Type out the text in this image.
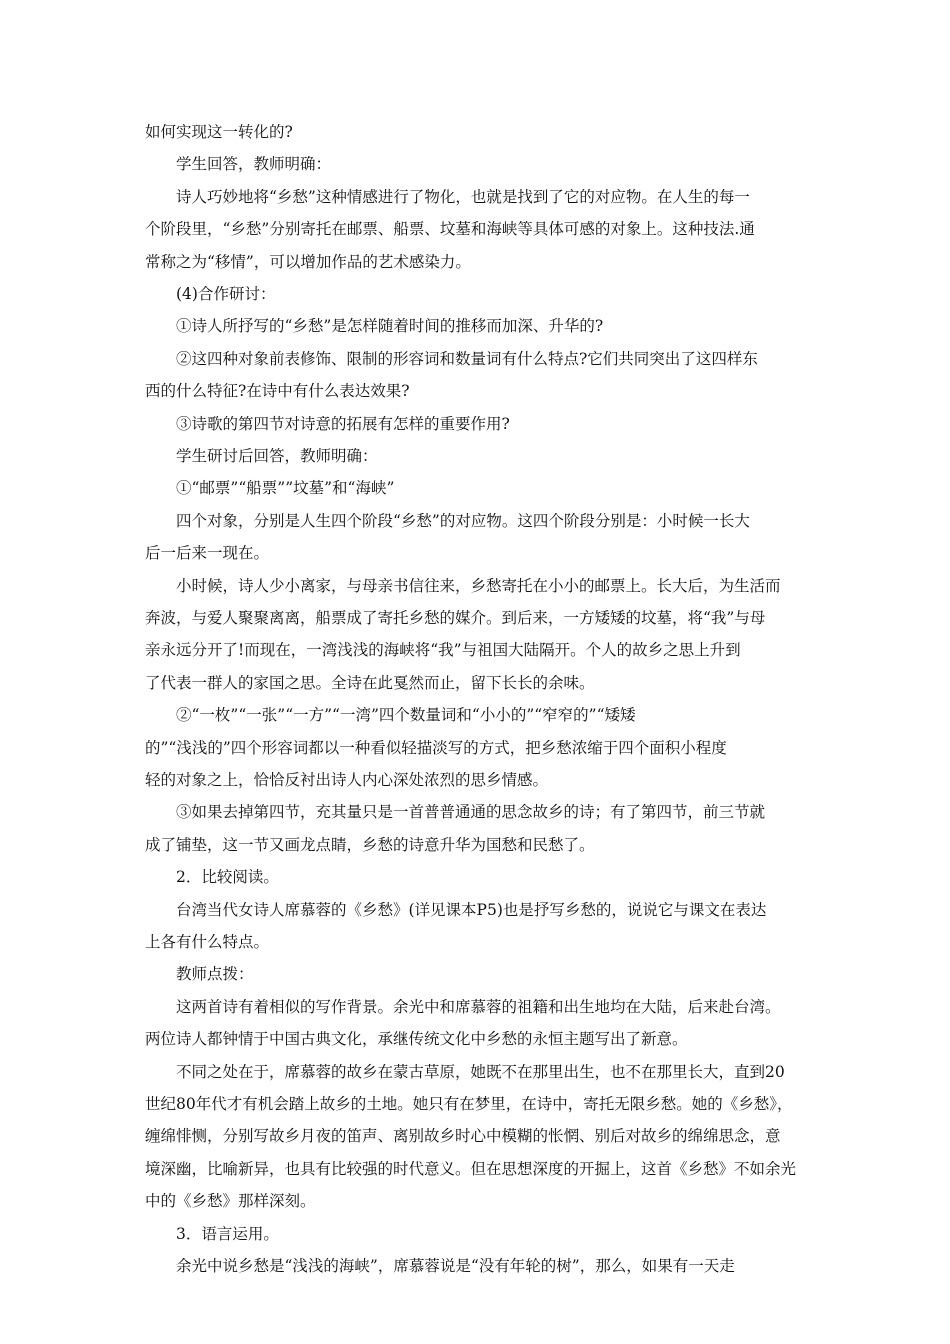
如何实现这一转化的?
学生回答，教师明确：
诗人巧妙地将“乡愁”这种情感进行了物化，也就是找到了它的对应物。在人生的每一
个阶段里，“乡愁”分别寄托在邮票、船票、坟墓和海峡等具体可感的对象上。这种技法.通
常称之为“移情”，可以增加作品的艺术感染力。
(4)合作研讨：
①诗人所抒写的“乡愁”是怎样随着时间的推移而加深、升华的?
②这四种对象前表修饰、限制的形容词和数量词有什么特点?它们共同突出了这四样东
西的什么特征?在诗中有什么表达效果?
③诗歌的第四节对诗意的拓展有怎样的重要作用?
学生研讨后回答，教师明确：
①“邮票”“船票””坟墓”和“海峡”
四个对象，分别是人生四个阶段“乡愁”的对应物。这四个阶段分别是：小时候一长大
后一后来一现在。
小时候，诗人少小离家，与母亲书信往来，乡愁寄托在小小的邮票上。长大后，为生活而
奔波，与爱人聚聚离离，船票成了寄托乡愁的媒介。到后来，一方矮矮的坟墓，将“我”与母
亲永远分开了!而现在，一湾浅浅的海峡将“我”与祖国大陆隔开。个人的故乡之思上升到
了代表一群人的家国之思。全诗在此戛然而止，留下长长的余味。
②“一枚”“一张”“一方”“一湾”四个数量词和“小小的”“窄窄的”“矮矮
的”“浅浅的”四个形容词都以一种看似轻描淡写的方式，把乡愁浓缩于四个面积小程度
轻的对象之上，恰恰反衬出诗人内心深处浓烈的思乡情感。
③如果去掉第四节，充其量只是一首普普通通的思念故乡的诗；有了第四节，前三节就
成了铺垫，这一节又画龙点睛，乡愁的诗意升华为国愁和民愁了。
2．比较阅读。
台湾当代女诗人席慕蓉的《乡愁》(详见课本P5)也是抒写乡愁的，说说它与课文在表达
上各有什么特点。
教师点拨：
这两首诗有着相似的写作背景。余光中和席慕蓉的祖籍和出生地均在大陆，后来赴台湾。
两位诗人都钟情于中国古典文化，承继传统文化中乡愁的永恒主题写出了新意。
不同之处在于，席慕蓉的故乡在蒙古草原，她既不在那里出生，也不在那里长大，直到20
世纪80年代才有机会踏上故乡的土地。她只有在梦里，在诗中，寄托无限乡愁。她的《乡愁》，
缠绵悱恻，分别写故乡月夜的笛声、离别故乡时心中模糊的怅惘、别后对故乡的绵绵思念，意
境深幽，比喻新异，也具有比较强的时代意义。但在思想深度的开掘上，这首《乡愁》不如余光
中的《乡愁》那样深刻。
3．语言运用。
余光中说乡愁是“浅浅的海峡”，席慕蓉说是“没有年轮的树”，那么，如果有一天走
